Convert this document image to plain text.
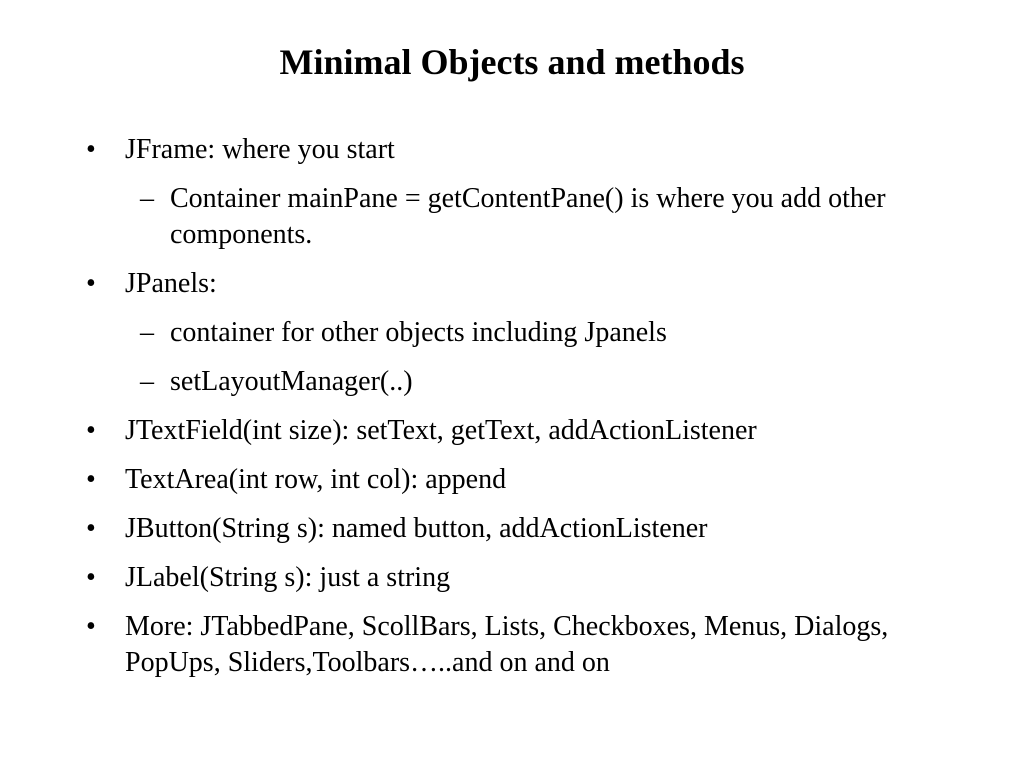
Minimal Objects and methods
• JFrame: where you start
– Container mainPane = getContentPane() is where you add other components.
• JPanels:
– container for other objects including Jpanels
– setLayoutManager(..)
• JTextField(int size): setText, getText, addActionListener
• TextArea(int row, int col): append
• JButton(String s): named button, addActionListener
• JLabel(String s): just a string
• More: JTabbedPane, ScollBars, Lists, Checkboxes, Menus, Dialogs, PopUps, Sliders,Toolbars…..and on and on
